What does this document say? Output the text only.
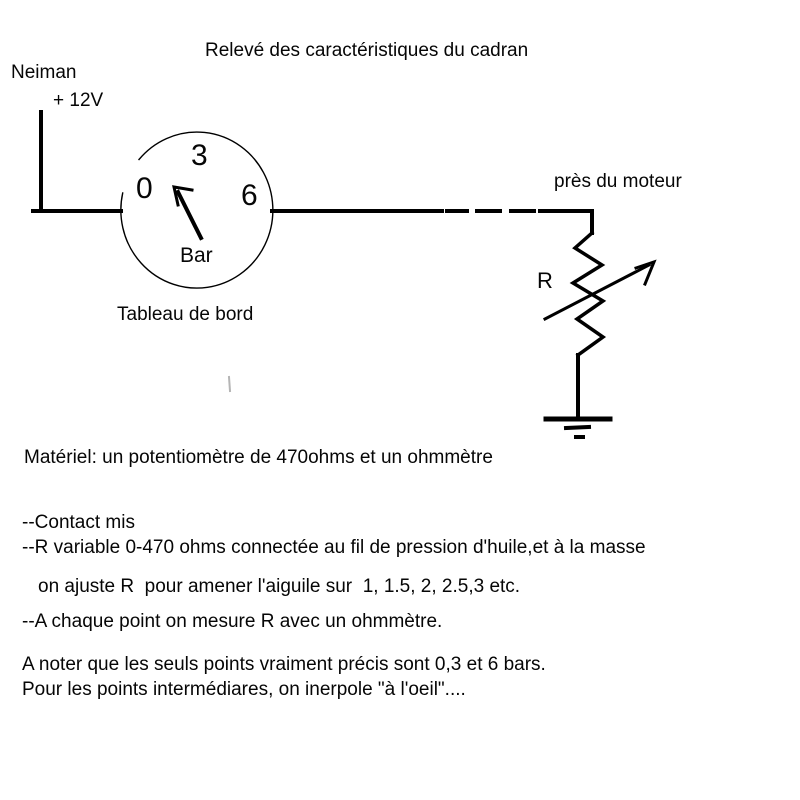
Relevé des caractéristiques du cadran
Neiman
+ 12V
3
0	6
Bar
Tableau de bord
près du moteur
R
Matériel: un potentiomètre de 470ohms et un ohmmètre
--Contact mis
--R variable 0-470 ohms connectée au fil de pression d'huile,et à la masse
on ajuste R  pour amener l'aiguile sur  1, 1.5, 2, 2.5,3 etc.
--A chaque point on mesure R avec un ohmmètre.
A noter que les seuls points vraiment précis sont 0,3 et 6 bars.
Pour les points intermédiares, on inerpole "à l'oeil"....
